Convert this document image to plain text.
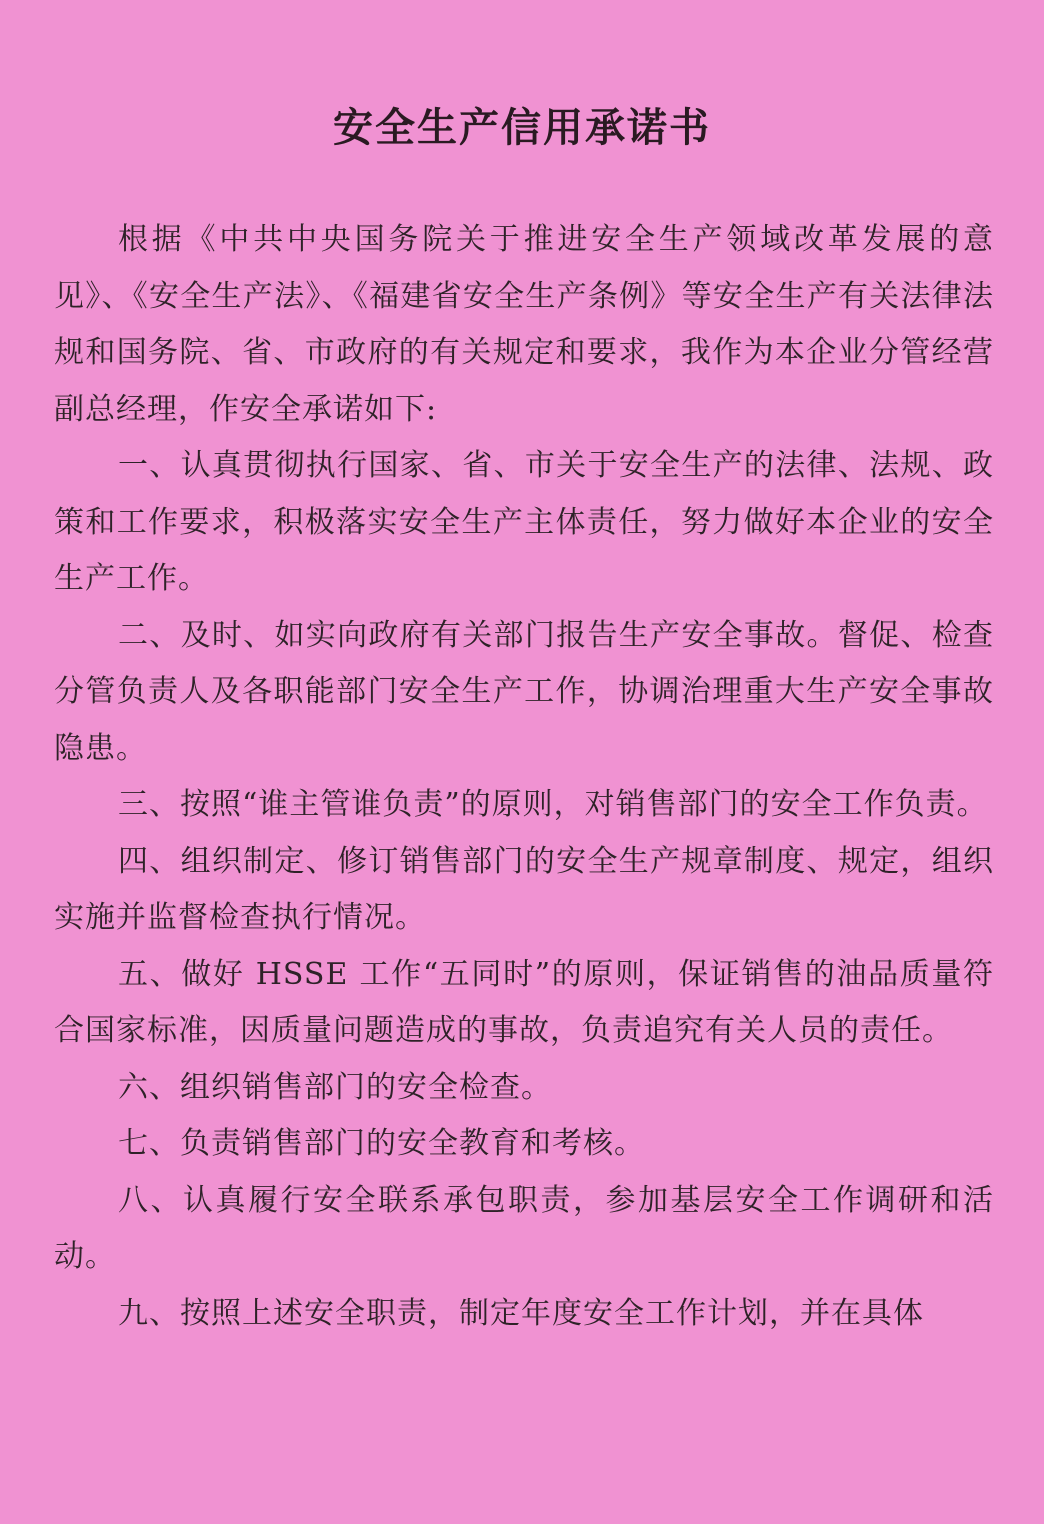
安全生产信用承诺书

根据《中共中央国务院关于推进安全生产领域改革发展的意见》、《安全生产法》、《福建省安全生产条例》等安全生产有关法律法规和国务院、省、市政府的有关规定和要求，我作为本企业分管经营副总经理，作安全承诺如下:

一、认真贯彻执行国家、省、市关于安全生产的法律、法规、政策和工作要求，积极落实安全生产主体责任，努力做好本企业的安全生产工作。

二、及时、如实向政府有关部门报告生产安全事故。督促、检查分管负责人及各职能部门安全生产工作，协调治理重大生产安全事故隐患。

三、按照“谁主管谁负责”的原则，对销售部门的安全工作负责。

四、组织制定、修订销售部门的安全生产规章制度、规定，组织实施并监督检查执行情况。

五、做好 HSSE 工作“五同时”的原则，保证销售的油品质量符合国家标准，因质量问题造成的事故，负责追究有关人员的责任。

六、组织销售部门的安全检查。

七、负责销售部门的安全教育和考核。

八、认真履行安全联系承包职责，参加基层安全工作调研和活动。

九、按照上述安全职责，制定年度安全工作计划，并在具体
